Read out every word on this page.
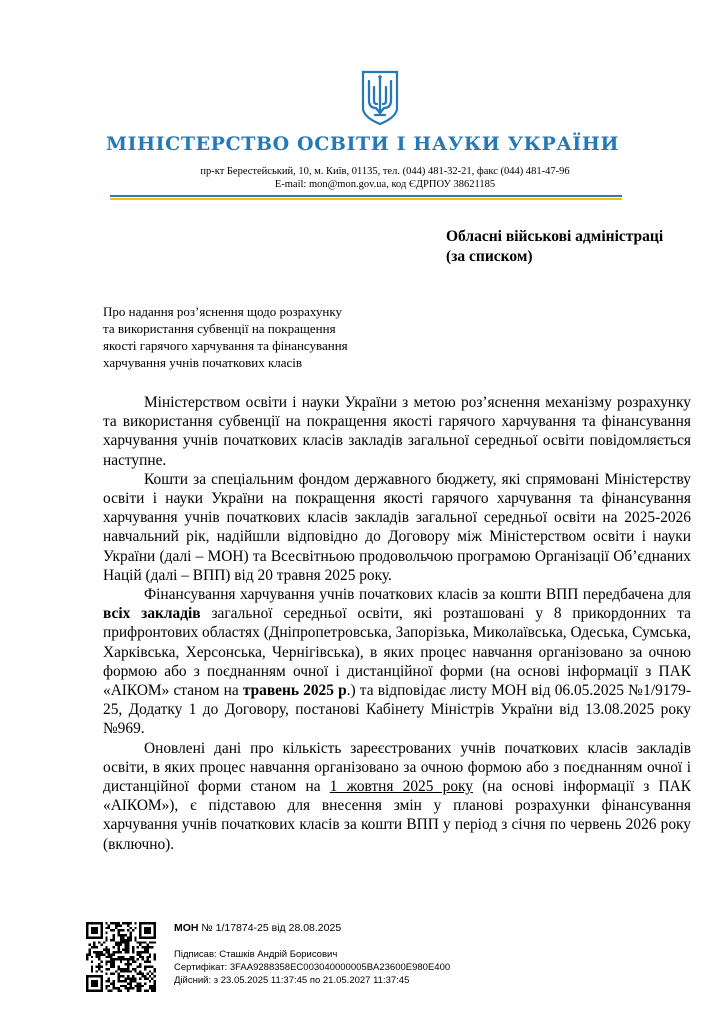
МІНІСТЕРСТВО ОСВІТИ І НАУКИ УКРАЇНИ
пр-кт Берестейський, 10, м. Київ, 01135, тел. (044) 481-32-21, факс (044) 481-47-96
E-mail: mon@mon.gov.ua, код ЄДРПОУ 38621185
Обласні військові адміністраці
(за списком)
Про надання роз’яснення щодо розрахунку
та використання субвенції на покращення
якості гарячого харчування та фінансування
харчування учнів початкових класів

Міністерством освіти і науки України з метою роз’яснення механізму розрахунку та використання субвенції на покращення якості гарячого харчування та фінансування харчування учнів початкових класів закладів загальної середньої освіти повідомляється наступне.

Кошти за спеціальним фондом державного бюджету, які спрямовані Міністерству освіти і науки України на покращення якості гарячого харчування та фінансування харчування учнів початкових класів закладів загальної середньої освіти на 2025-2026 навчальний рік, надійшли відповідно до Договору між Міністерством освіти і науки України (далі – МОН) та Всесвітньою продовольчою програмою Організації Об’єднаних Націй (далі – ВПП) від 20 травня 2025 року.

Фінансування харчування учнів початкових класів за кошти ВПП передбачена для всіх закладів загальної середньої освіти, які розташовані у 8 прикордонних та прифронтових областях (Дніпропетровська, Запорізька, Миколаївська, Одеська, Сумська, Харківська, Херсонська, Чернігівська), в яких процес навчання організовано за очною формою або з поєднанням очної і дистанційної форми (на основі інформації з ПАК «АІКОМ» станом на травень 2025 р.) та відповідає листу МОН від 06.05.2025 №1/9179-25, Додатку 1 до Договору, постанові Кабінету Міністрів України від 13.08.2025 року №969.

Оновлені дані про кількість зареєстрованих учнів початкових класів закладів освіти, в яких процес навчання організовано за очною формою або з поєднанням очної і дистанційної форми станом на 1 жовтня 2025 року (на основі інформації з ПАК «АІКОМ»), є підставою для внесення змін у планові розрахунки фінансування харчування учнів початкових класів за кошти ВПП у період з січня по червень 2026 року (включно).

МОН № 1/17874-25 від 28.08.2025
Підписав: Сташків Андрій Борисович
Сертифікат: 3FAA9288358EC003040000005BA23600E980E400
Дійсний: з 23.05.2025 11:37:45 по 21.05.2027 11:37:45
